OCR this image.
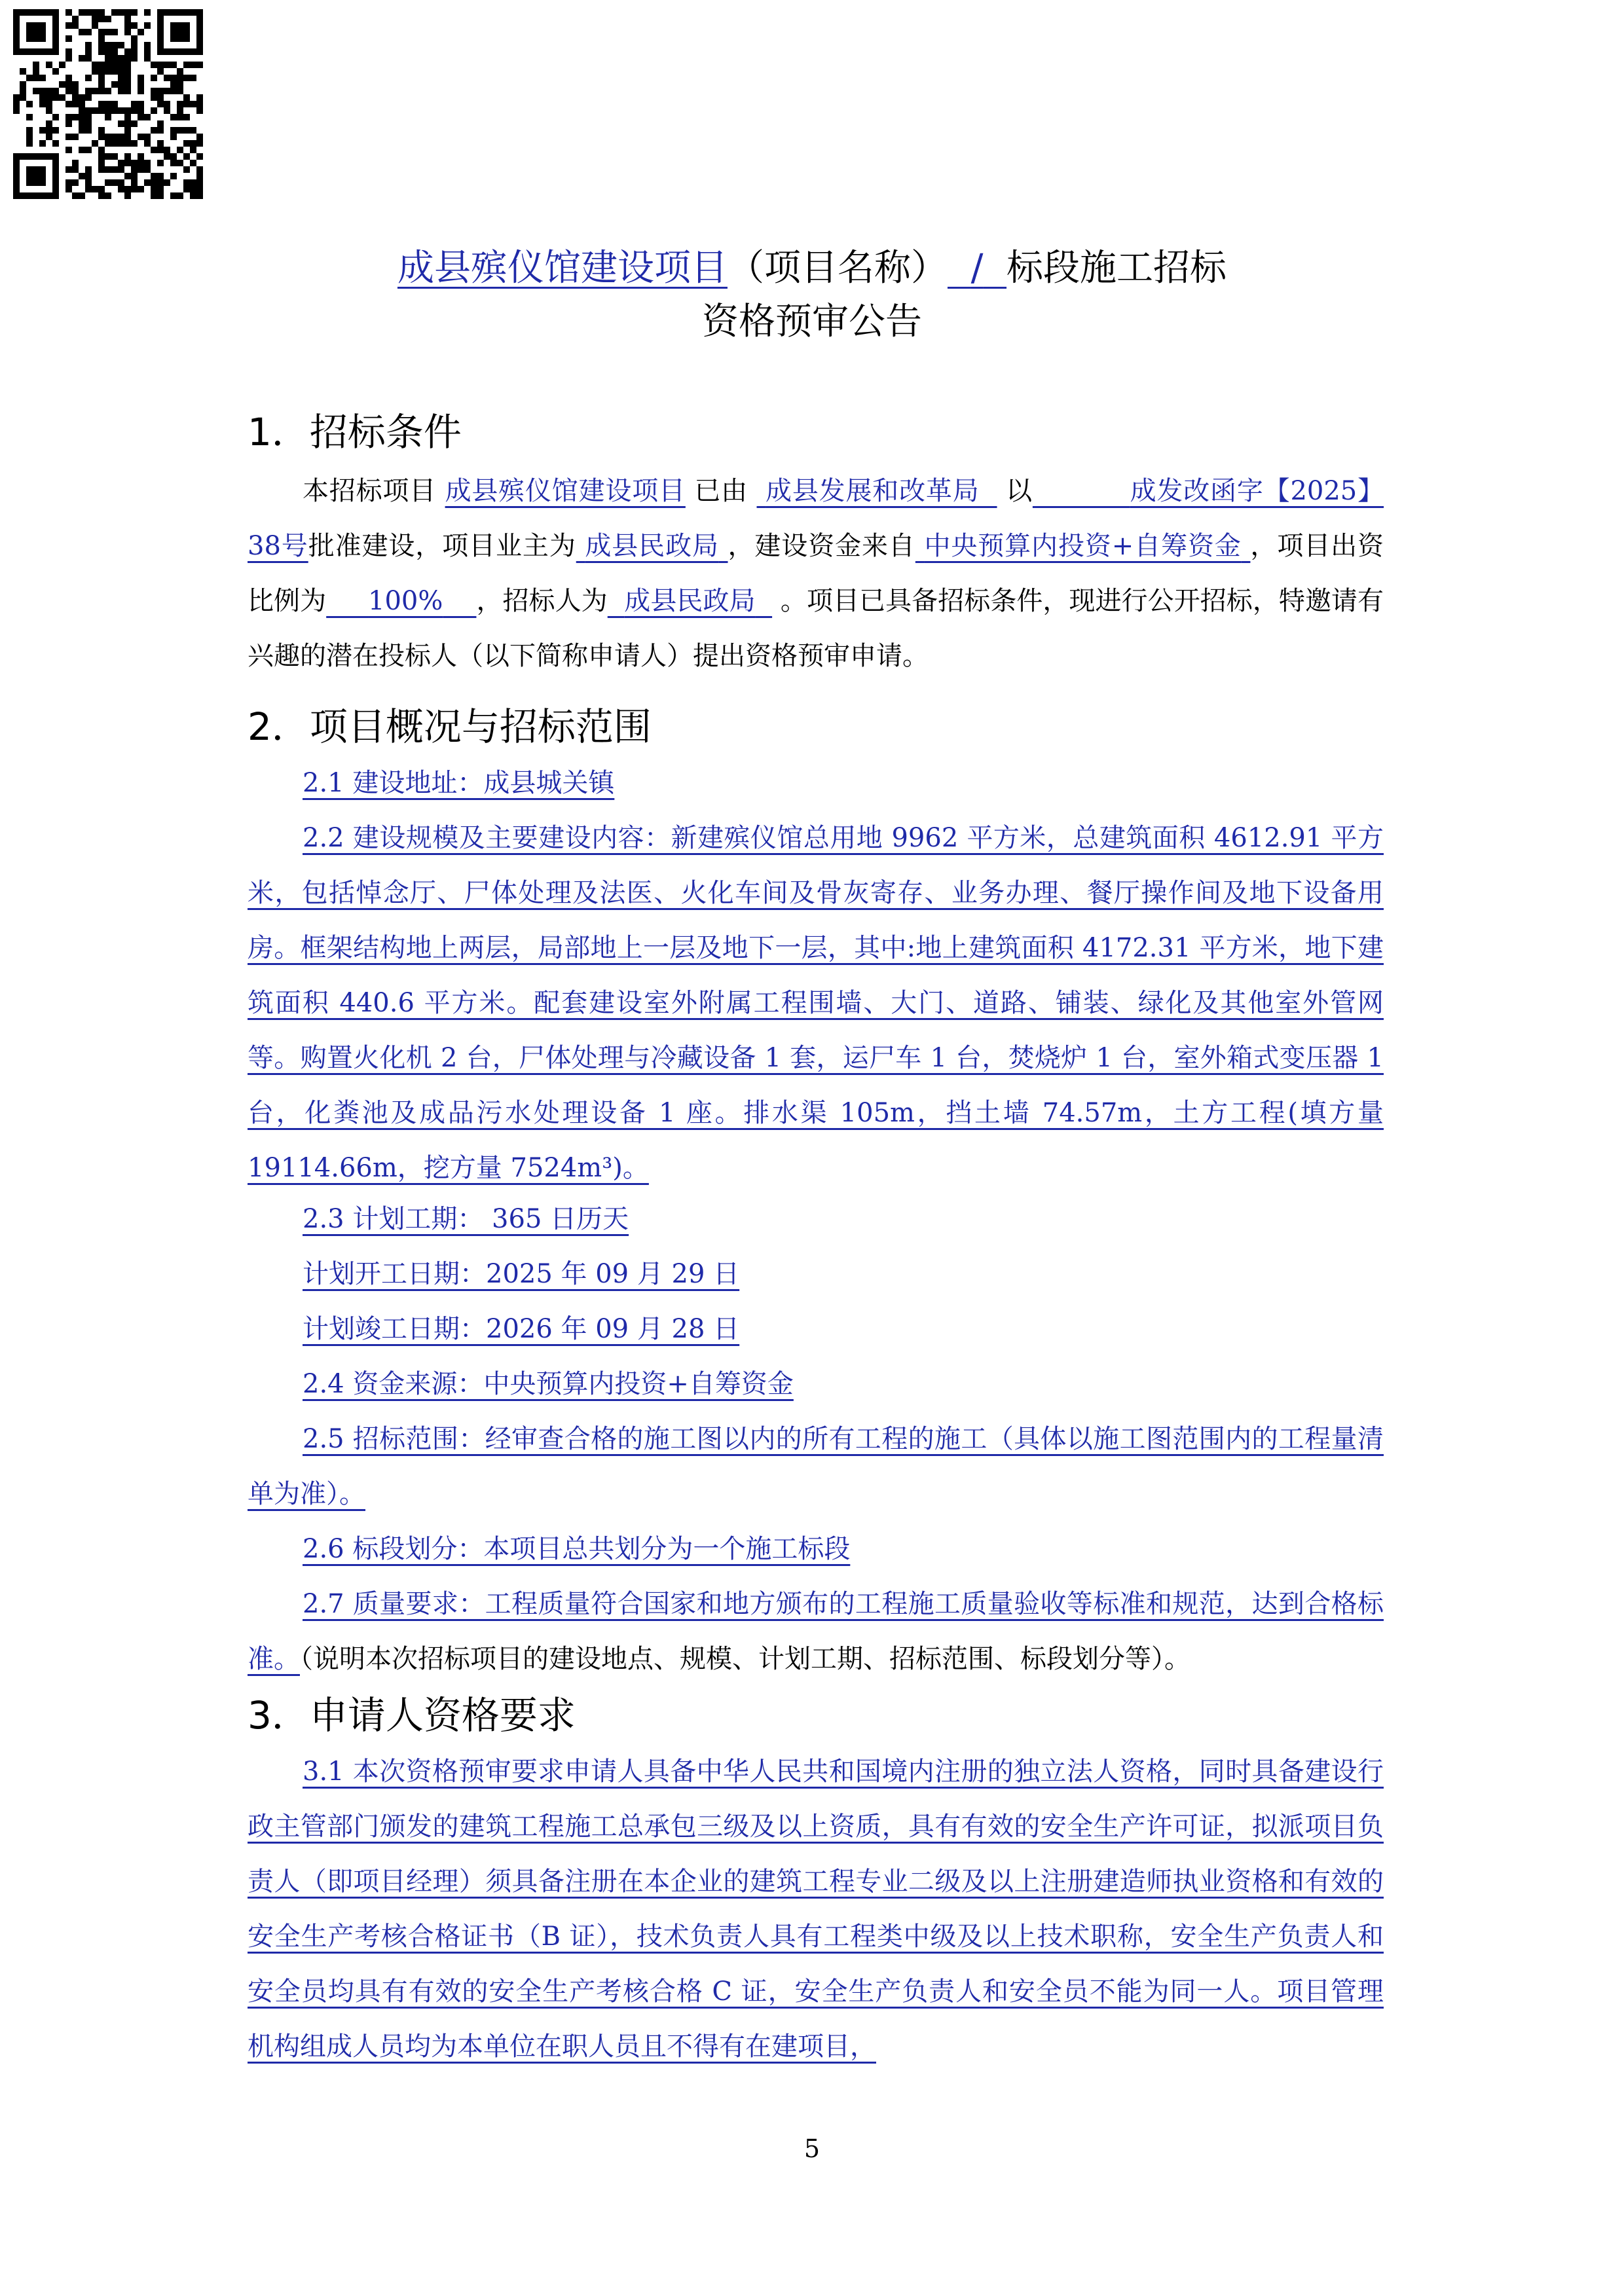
成县殡仪馆建设项目（项目名称） / 标段施工招标
资格预审公告
1．招标条件
本招标项目 成县殡仪馆建设项目 已由 成县发展和改革局 以	成发改函字【2025】38号批准建设，项目业主为 成县民政局 ，建设资金来自 中央预算内投资+自筹资金 ，项目出资比例为 100% ，招标人为 成县民政局 。项目已具备招标条件，现进行公开招标，特邀请有兴趣的潜在投标人（以下简称申请人）提出资格预审申请。
2．项目概况与招标范围
2.1 建设地址：成县城关镇
2.2 建设规模及主要建设内容：新建殡仪馆总用地 9962 平方米，总建筑面积 4612.91 平方米，包括悼念厅、尸体处理及法医、火化车间及骨灰寄存、业务办理、餐厅操作间及地下设备用房。框架结构地上两层，局部地上一层及地下一层，其中:地上建筑面积 4172.31 平方米，地下建筑面积 440.6 平方米。配套建设室外附属工程围墙、大门、道路、铺装、绿化及其他室外管网等。购置火化机 2 台，尸体处理与冷藏设备 1 套，运尸车 1 台，焚烧炉 1 台，室外箱式变压器 1 台，化粪池及成品污水处理设备 1 座。排水渠 105m，挡土墙 74.57m，土方工程(填方量 19114.66m，挖方量 7524m³)。
2.3 计划工期： 365 日历天
计划开工日期：2025 年 09 月 29 日
计划竣工日期：2026 年 09 月 28 日
2.4 资金来源：中央预算内投资+自筹资金
2.5 招标范围：经审查合格的施工图以内的所有工程的施工（具体以施工图范围内的工程量清单为准）。
2.6 标段划分：本项目总共划分为一个施工标段
2.7 质量要求：工程质量符合国家和地方颁布的工程施工质量验收等标准和规范，达到合格标准。（说明本次招标项目的建设地点、规模、计划工期、招标范围、标段划分等）。
3．申请人资格要求
3.1 本次资格预审要求申请人具备中华人民共和国境内注册的独立法人资格，同时具备建设行政主管部门颁发的建筑工程施工总承包三级及以上资质，具有有效的安全生产许可证，拟派项目负责人（即项目经理）须具备注册在本企业的建筑工程专业二级及以上注册建造师执业资格和有效的安全生产考核合格证书（B 证），技术负责人具有工程类中级及以上技术职称，安全生产负责人和安全员均具有有效的安全生产考核合格 C 证，安全生产负责人和安全员不能为同一人。项目管理机构组成人员均为本单位在职人员且不得有在建项目，
5
